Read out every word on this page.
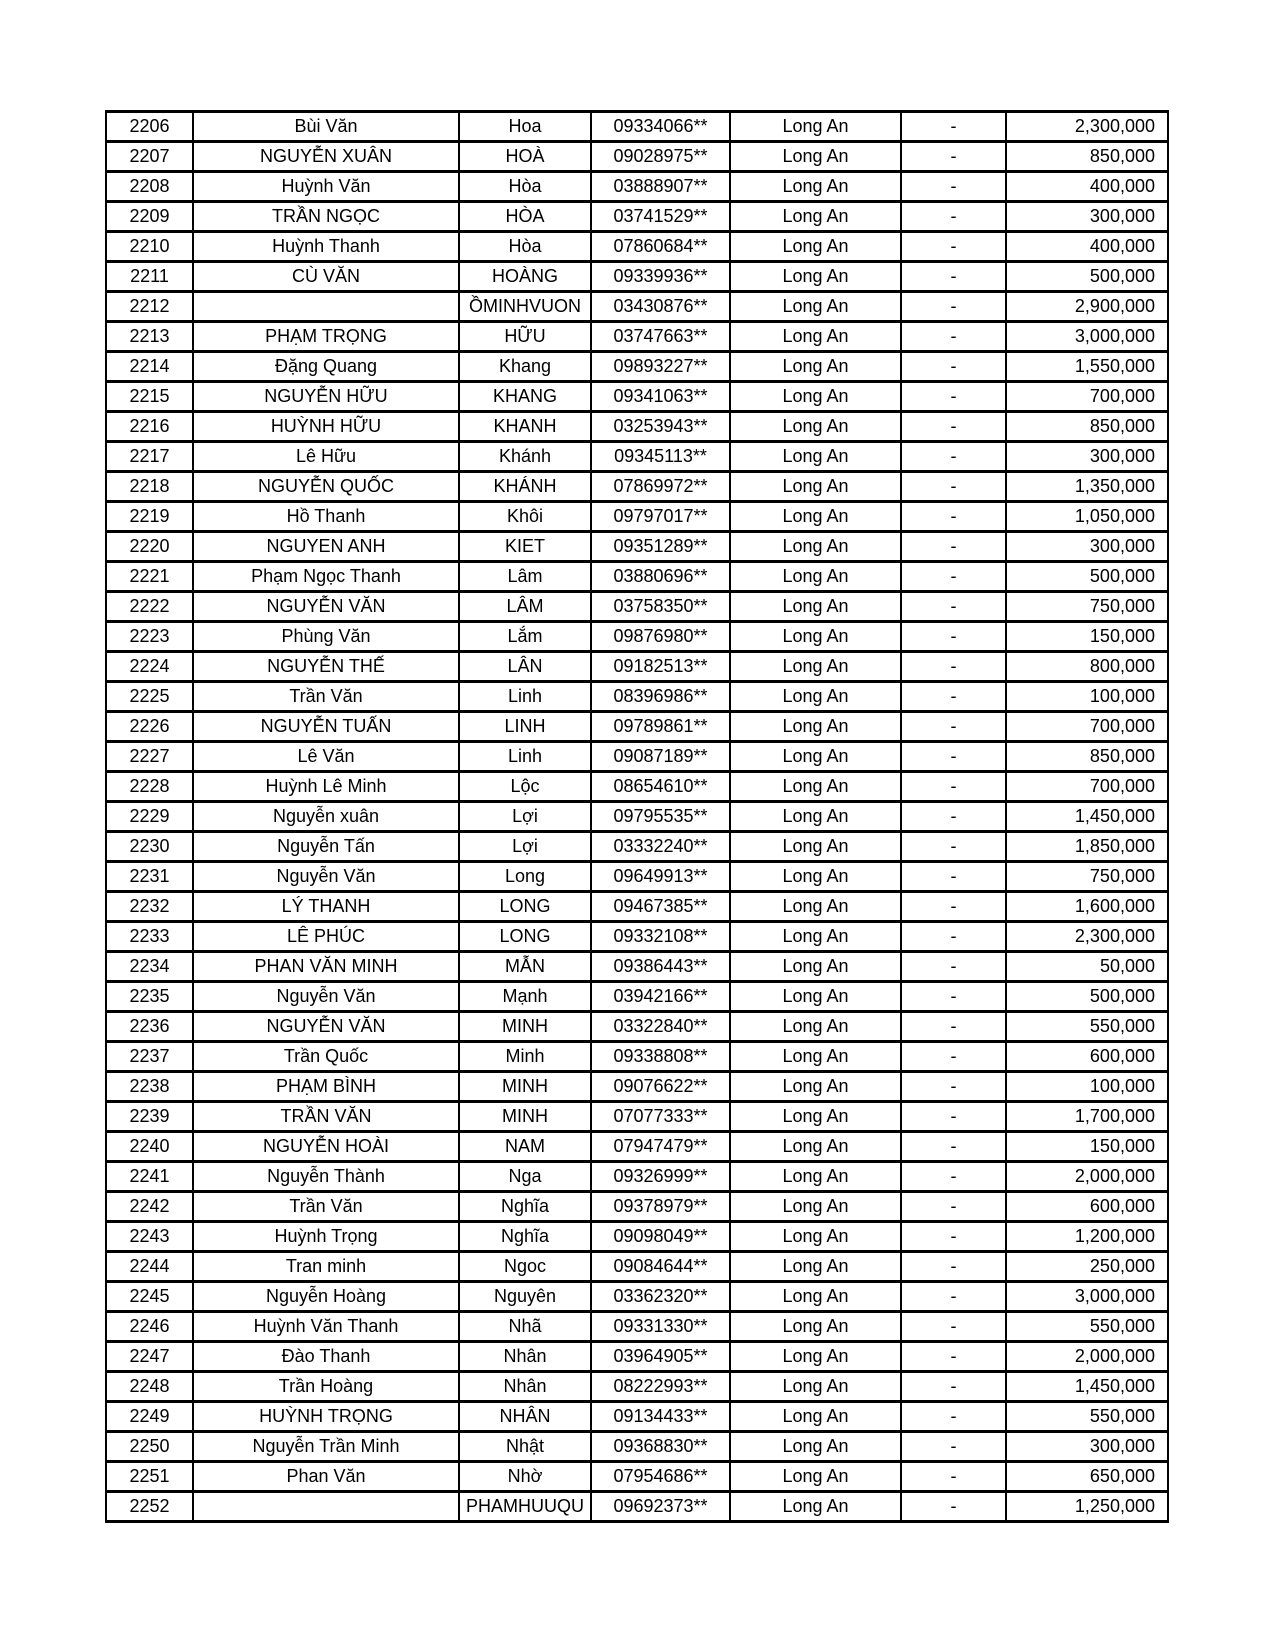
2206	Bùi Văn	Hoa	09334066**	Long An	-	2,300,000
2207	NGUYỄN XUÂN	HOÀ	09028975**	Long An	-	850,000
2208	Huỳnh Văn	Hòa	03888907**	Long An	-	400,000
2209	TRẦN NGỌC	HÒA	03741529**	Long An	-	300,000
2210	Huỳnh Thanh	Hòa	07860684**	Long An	-	400,000
2211	CÙ VĂN	HOÀNG	09339936**	Long An	-	500,000
2212		ỒMINHVUON	03430876**	Long An	-	2,900,000
2213	PHẠM TRỌNG	HỮU	03747663**	Long An	-	3,000,000
2214	Đặng Quang	Khang	09893227**	Long An	-	1,550,000
2215	NGUYỄN HỮU	KHANG	09341063**	Long An	-	700,000
2216	HUỲNH HỮU	KHANH	03253943**	Long An	-	850,000
2217	Lê Hữu	Khánh	09345113**	Long An	-	300,000
2218	NGUYỄN QUỐC	KHÁNH	07869972**	Long An	-	1,350,000
2219	Hồ Thanh	Khôi	09797017**	Long An	-	1,050,000
2220	NGUYEN ANH	KIET	09351289**	Long An	-	300,000
2221	Phạm Ngọc Thanh	Lâm	03880696**	Long An	-	500,000
2222	NGUYỄN VĂN	LÂM	03758350**	Long An	-	750,000
2223	Phùng Văn	Lắm	09876980**	Long An	-	150,000
2224	NGUYỄN THẾ	LÂN	09182513**	Long An	-	800,000
2225	Trần Văn	Linh	08396986**	Long An	-	100,000
2226	NGUYỄN TUẤN	LINH	09789861**	Long An	-	700,000
2227	Lê Văn	Linh	09087189**	Long An	-	850,000
2228	Huỳnh Lê Minh	Lộc	08654610**	Long An	-	700,000
2229	Nguyễn xuân	Lợi	09795535**	Long An	-	1,450,000
2230	Nguyễn Tấn	Lợi	03332240**	Long An	-	1,850,000
2231	Nguyễn Văn	Long	09649913**	Long An	-	750,000
2232	LÝ THANH	LONG	09467385**	Long An	-	1,600,000
2233	LÊ PHÚC	LONG	09332108**	Long An	-	2,300,000
2234	PHAN VĂN MINH	MẪN	09386443**	Long An	-	50,000
2235	Nguyễn Văn	Mạnh	03942166**	Long An	-	500,000
2236	NGUYỄN VĂN	MINH	03322840**	Long An	-	550,000
2237	Trần Quốc	Minh	09338808**	Long An	-	600,000
2238	PHẠM BÌNH	MINH	09076622**	Long An	-	100,000
2239	TRẦN VĂN	MINH	07077333**	Long An	-	1,700,000
2240	NGUYỄN HOÀI	NAM	07947479**	Long An	-	150,000
2241	Nguyễn Thành	Nga	09326999**	Long An	-	2,000,000
2242	Trần Văn	Nghĩa	09378979**	Long An	-	600,000
2243	Huỳnh Trọng	Nghĩa	09098049**	Long An	-	1,200,000
2244	Tran minh	Ngoc	09084644**	Long An	-	250,000
2245	Nguyễn Hoàng	Nguyên	03362320**	Long An	-	3,000,000
2246	Huỳnh Văn Thanh	Nhã	09331330**	Long An	-	550,000
2247	Đào Thanh	Nhân	03964905**	Long An	-	2,000,000
2248	Trần Hoàng	Nhân	08222993**	Long An	-	1,450,000
2249	HUỲNH TRỌNG	NHÂN	09134433**	Long An	-	550,000
2250	Nguyễn Trần Minh	Nhật	09368830**	Long An	-	300,000
2251	Phan Văn	Nhờ	07954686**	Long An	-	650,000
2252		PHAMHUUQU	09692373**	Long An	-	1,250,000
